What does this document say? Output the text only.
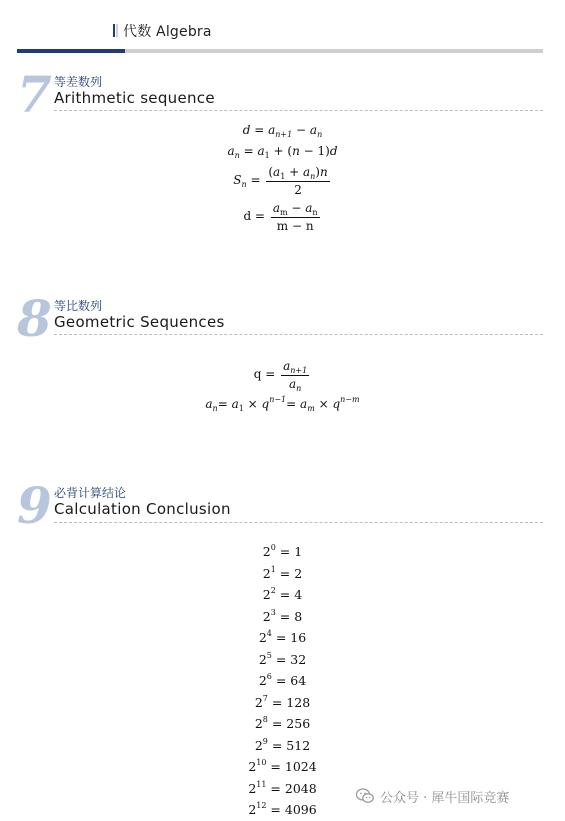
代数 Algebra
7 等差数列
Arithmetic sequence
$d = a_{n+1} - a_n$
$a_n = a_1 + (n - 1)d$
$S_n = \frac{(a_1 + a_n)n}{2}$
$d = \frac{a_m - a_n}{m - n}$
8 等比数列
Geometric Sequences
$q = \frac{a_{n+1}}{a_n}$
$a_n= a_1 \times q^{n-1}= a_m \times q^{n-m}$
9 必背计算结论
Calculation Conclusion
$2^0 = 1$
$2^1 = 2$
$2^2 = 4$
$2^3 = 8$
$2^4 = 16$
$2^5 = 32$
$2^6 = 64$
$2^7 = 128$
$2^8 = 256$
$2^9 = 512$
$2^{10} = 1024$
$2^{11} = 2048$
$2^{12} = 4096$
公众号 · 犀牛国际竞赛
